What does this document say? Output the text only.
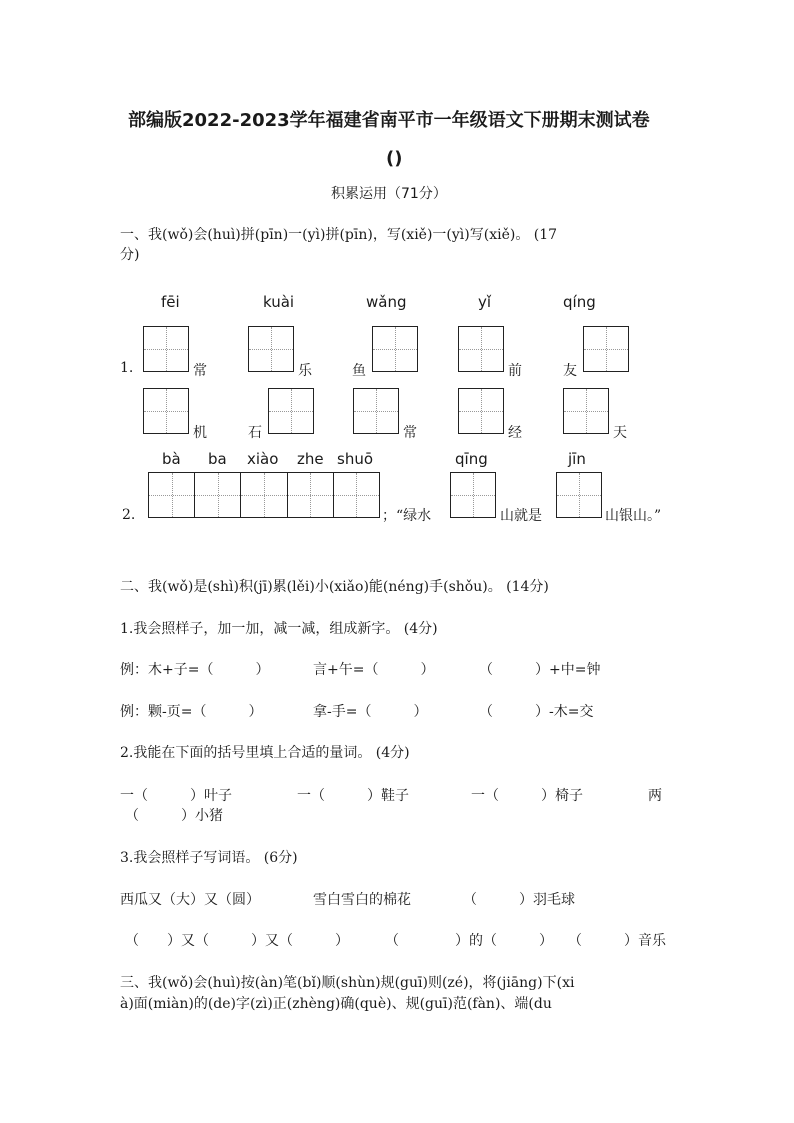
部编版2022-2023学年福建省南平市一年级语文下册期末测试卷
()
积累运用（71分）
一、我(wǒ)会(huì)拼(pīn)一(yì)拼(pīn)，写(xiě)一(yì)写(xiě)。 (17
分)
fēi	kuài	wǎng	yǐ	qíng
1.	常	乐	鱼	前	友
机	石	常	经	天
bà ba xiào zhe shuō	qīng	jīn
2.	；“绿水	山就是	山银山。”
二、我(wǒ)是(shì)积(jī)累(lěi)小(xiǎo)能(néng)手(shǒu)。 (14分)
1.我会照样子，加一加，减一减，组成新字。 (4分)
例：木+子=（　　　）	言+午=（　　　）	（　　　）+中=钟
例：颗-页=（　　　）	拿-手=（　　　）	（　　　）-木=交
2.我能在下面的括号里填上合适的量词。 (4分)
一（　　　）叶子	一（　　　）鞋子	一（　　　）椅子	两
（　　　）小猪
3.我会照样子写词语。 (6分)
西瓜又（大）又（圆）	雪白雪白的棉花	（　　　）羽毛球
（　　）又（　　　）又（　　　）	（　　　　）的（　　　） （　　　）音乐
三、我(wǒ)会(huì)按(àn)笔(bǐ)顺(shùn)规(guī)则(zé)，将(jiāng)下(xi
à)面(miàn)的(de)字(zì)正(zhèng)确(què)、规(guī)范(fàn)、端(du
